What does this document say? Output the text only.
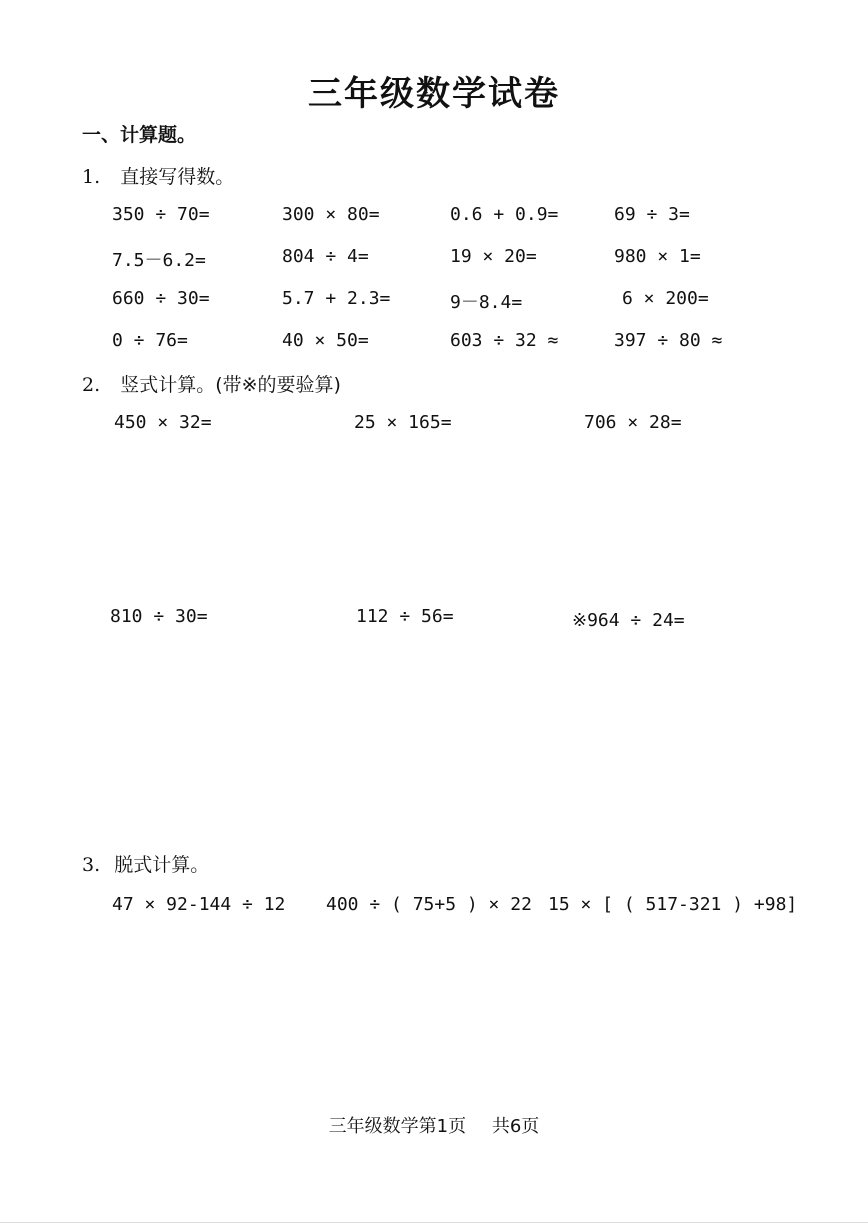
三年级数学试卷
一、计算题。
1. 直接写得数。
350 ÷ 70=	300 × 80=	0.6 + 0.9=	69 ÷ 3=
7.5－6.2=	804 ÷ 4=	19 × 20=	980 × 1=
660 ÷ 30=	5.7 + 2.3=	9－8.4=	6 × 200=
0 ÷ 76=	40 × 50=	603 ÷ 32 ≈	397 ÷ 80 ≈
2. 竖式计算。(带※的要验算)
450 × 32=	25 × 165=	706 × 28=
810 ÷ 30=	112 ÷ 56=	※964 ÷ 24=
3. 脱式计算。
47 × 92-144 ÷ 12 400 ÷ ( 75+5 ) × 22 15 × [ ( 517-321 ) +98]
三年级数学第1页 共6页
